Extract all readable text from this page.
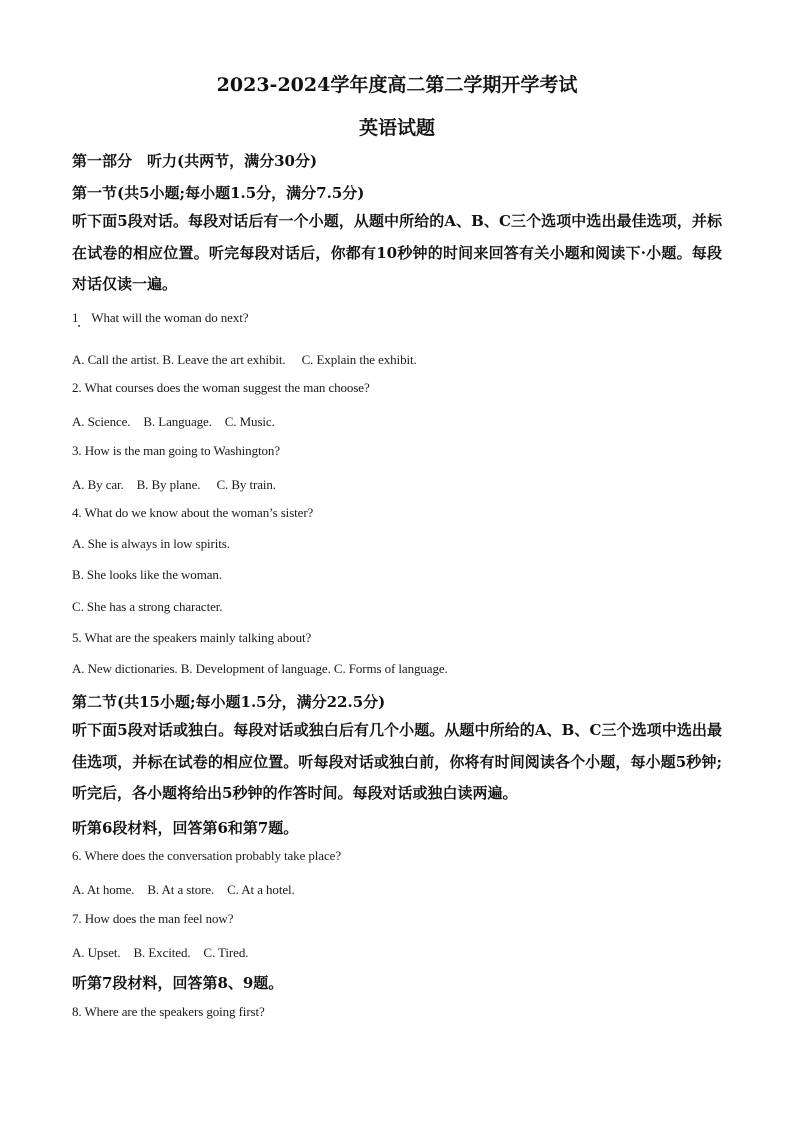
2023-2024学年度高二第二学期开学考试
英语试题
第一部分　听力(共两节，满分30分)
第一节(共5小题;每小题1.5分，满分7.5分)
听下面5段对话。每段对话后有一个小题，从题中所给的A、B、C三个选项中选出最佳选项，并标在试卷的相应位置。听完每段对话后，你都有10秒钟的时间来回答有关小题和阅读下·小题。每段对话仅读一遍。
1　What will the woman do next?
A. Call the artist. B. Leave the art exhibit.　 C. Explain the exhibit.
2. What courses does the woman suggest the man choose?
A. Science.　B. Language.　C. Music.
3. How is the man going to Washington?
A. By car.　B. By plane.　 C. By train.
4. What do we know about the woman’s sister?
A. She is always in low spirits.
B. She looks like the woman.
C. She has a strong character.
5. What are the speakers mainly talking about?
A. New dictionaries. B. Development of language. C. Forms of language.
第二节(共15小题;每小题1.5分，满分22.5分)
听下面5段对话或独白。每段对话或独白后有几个小题。从题中所给的A、B、C三个选项中选出最佳选项，并标在试卷的相应位置。听每段对话或独白前，你将有时间阅读各个小题，每小题5秒钟;听完后，各小题将给出5秒钟的作答时间。每段对话或独白读两遍。
听第6段材料，回答第6和第7题。
6. Where does the conversation probably take place?
A. At home.　B. At a store.　C. At a hotel.
7. How does the man feel now?
A. Upset.　B. Excited.　C. Tired.
听第7段材料，回答第8、9题。
8. Where are the speakers going first?
